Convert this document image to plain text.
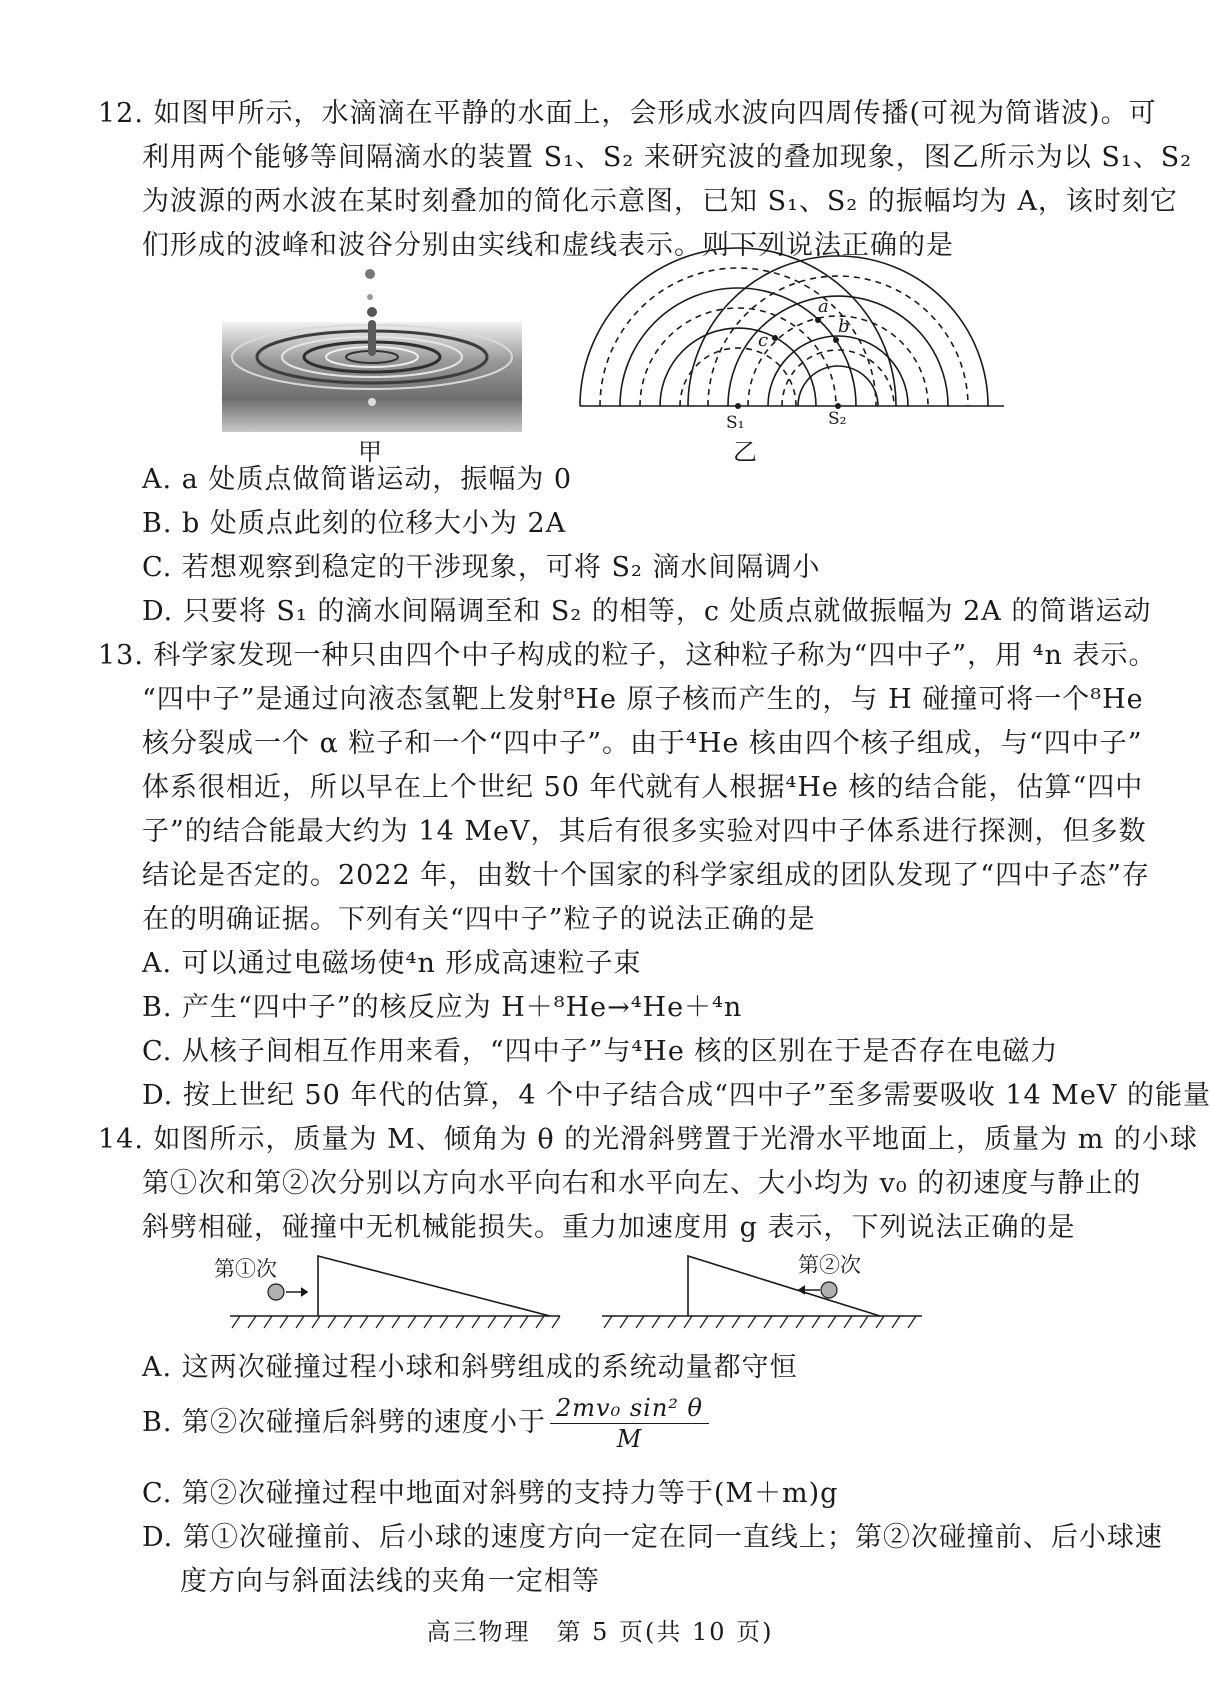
12. 如图甲所示，水滴滴在平静的水面上，会形成水波向四周传播(可视为简谐波)。可
利用两个能够等间隔滴水的装置 S₁、S₂ 来研究波的叠加现象，图乙所示为以 S₁、S₂
为波源的两水波在某时刻叠加的简化示意图，已知 S₁、S₂ 的振幅均为 A，该时刻它
们形成的波峰和波谷分别由实线和虚线表示。则下列说法正确的是
甲
a
b
c
S₁	S₂
乙
A. a 处质点做简谐运动，振幅为 0
B. b 处质点此刻的位移大小为 2A
C. 若想观察到稳定的干涉现象，可将 S₂ 滴水间隔调小
D. 只要将 S₁ 的滴水间隔调至和 S₂ 的相等，c 处质点就做振幅为 2A 的简谐运动
13. 科学家发现一种只由四个中子构成的粒子，这种粒子称为“四中子”，用 ⁴n 表示。
“四中子”是通过向液态氢靶上发射⁸He 原子核而产生的，与 H 碰撞可将一个⁸He
核分裂成一个 α 粒子和一个“四中子”。由于⁴He 核由四个核子组成，与“四中子”
体系很相近，所以早在上个世纪 50 年代就有人根据⁴He 核的结合能，估算“四中
子”的结合能最大约为 14 MeV，其后有很多实验对四中子体系进行探测，但多数
结论是否定的。2022 年，由数十个国家的科学家组成的团队发现了“四中子态”存
在的明确证据。下列有关“四中子”粒子的说法正确的是
A. 可以通过电磁场使⁴n 形成高速粒子束
B. 产生“四中子”的核反应为 H＋⁸He→⁴He＋⁴n
C. 从核子间相互作用来看，“四中子”与⁴He 核的区别在于是否存在电磁力
D. 按上世纪 50 年代的估算，4 个中子结合成“四中子”至多需要吸收 14 MeV 的能量
14. 如图所示，质量为 M、倾角为 θ 的光滑斜劈置于光滑水平地面上，质量为 m 的小球
第①次和第②次分别以方向水平向右和水平向左、大小均为 v₀ 的初速度与静止的
斜劈相碰，碰撞中无机械能损失。重力加速度用 g 表示，下列说法正确的是
第①次	第②次
A. 这两次碰撞过程小球和斜劈组成的系统动量都守恒
B. 第②次碰撞后斜劈的速度小于 $\frac{\text{2mv₀ sin² θ}}{M}$
C. 第②次碰撞过程中地面对斜劈的支持力等于(M＋m)g
D. 第①次碰撞前、后小球的速度方向一定在同一直线上；第②次碰撞前、后小球速
度方向与斜面法线的夹角一定相等
高三物理　第 5 页(共 10 页)
